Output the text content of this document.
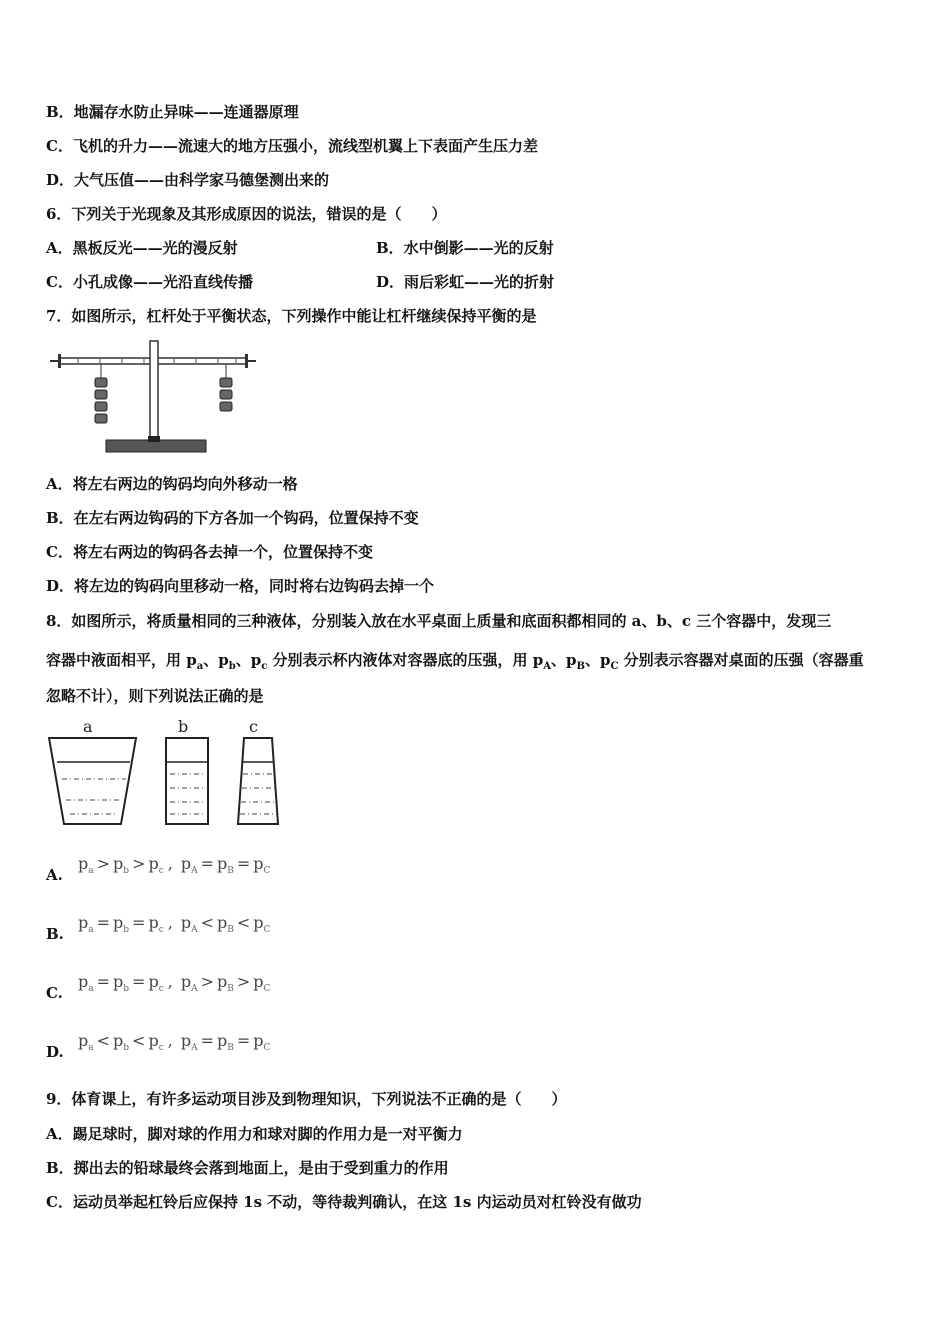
B．地漏存水防止异味——连通器原理
C．飞机的升力——流速大的地方压强小，流线型机翼上下表面产生压力差
D．大气压值——由科学家马德堡测出来的
6．下列关于光现象及其形成原因的说法，错误的是（　　）
A．黑板反光——光的漫反射	B．水中倒影——光的反射
C．小孔成像——光沿直线传播	D．雨后彩虹——光的折射
7．如图所示，杠杆处于平衡状态，下列操作中能让杠杆继续保持平衡的是
A．将左右两边的钩码均向外移动一格
B．在左右两边钩码的下方各加一个钩码，位置保持不变
C．将左右两边的钩码各去掉一个，位置保持不变
D．将左边的钩码向里移动一格，同时将右边钩码去掉一个
8．如图所示，将质量相同的三种液体，分别装入放在水平桌面上质量和底面积都相同的 a、b、c 三个容器中，发现三
容器中液面相平，用 $p_a$、$p_b$、$p_c$ 分别表示杯内液体对容器底的压强，用 $p_A$、$p_B$、$p_C$ 分别表示容器对桌面的压强（容器重
忽略不计），则下列说法正确的是
a	b	c
A.
$p_a > p_b > p_c$ , $p_A = p_B = p_C$
B.
$p_a = p_b = p_c$ , $p_A < p_B < p_C$
C.
$p_a = p_b = p_c$ , $p_A > p_B > p_C$
D.
$p_a < p_b < p_c$ , $p_A = p_B = p_C$
9．体育课上，有许多运动项目涉及到物理知识，下列说法不正确的是（　　）
A．踢足球时，脚对球的作用力和球对脚的作用力是一对平衡力
B．掷出去的铅球最终会落到地面上，是由于受到重力的作用
C．运动员举起杠铃后应保持 1s 不动，等待裁判确认，在这 1s 内运动员对杠铃没有做功
